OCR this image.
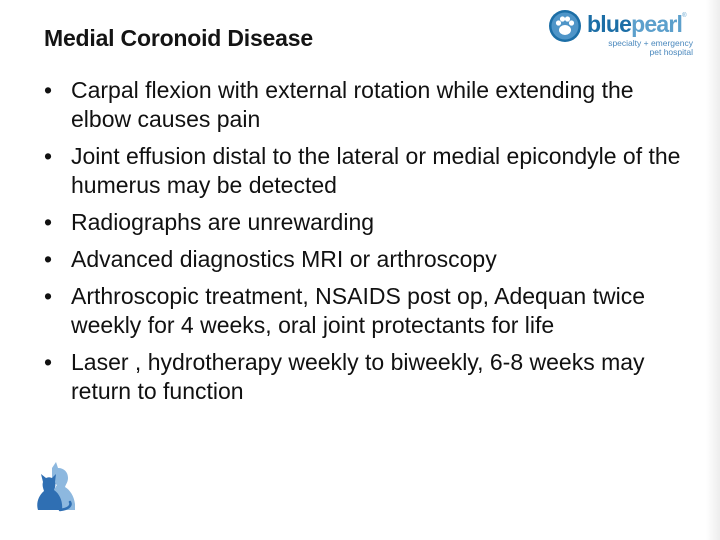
Medial Coronoid Disease
bluepearl®
specialty + emergency
pet hospital
• Carpal flexion with external rotation while extending the elbow causes pain
• Joint effusion distal to the lateral or medial epicondyle of the humerus may be detected
• Radiographs are unrewarding
• Advanced diagnostics MRI or arthroscopy
• Arthroscopic treatment, NSAIDS post op, Adequan twice weekly for 4 weeks, oral joint protectants for life
• Laser , hydrotherapy weekly to biweekly, 6-8 weeks may return to function
